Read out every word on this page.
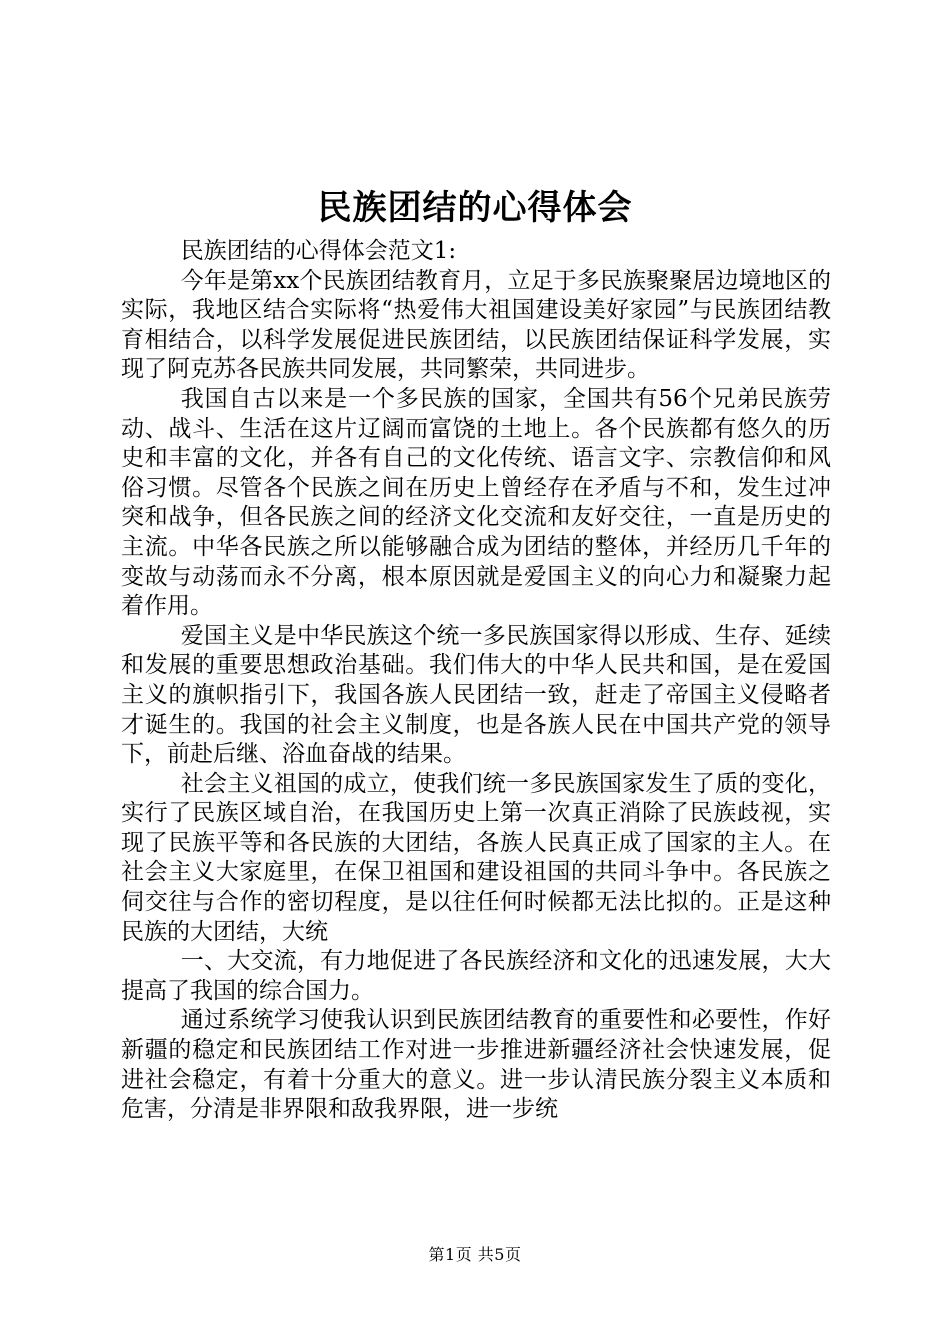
民族团结的心得体会

民族团结的心得体会范文1:

今年是第xx个民族团结教育月，立足于多民族聚聚居边境地区的实际，我地区结合实际将“热爱伟大祖国建设美好家园”与民族团结教育相结合，以科学发展促进民族团结，以民族团结保证科学发展，实现了阿克苏各民族共同发展，共同繁荣，共同进步。

我国自古以来是一个多民族的国家，全国共有56个兄弟民族劳动、战斗、生活在这片辽阔而富饶的土地上。各个民族都有悠久的历史和丰富的文化，并各有自己的文化传统、语言文字、宗教信仰和风俗习惯。尽管各个民族之间在历史上曾经存在矛盾与不和，发生过冲突和战争，但各民族之间的经济文化交流和友好交往，一直是历史的主流。中华各民族之所以能够融合成为团结的整体，并经历几千年的变故与动荡而永不分离，根本原因就是爱国主义的向心力和凝聚力起着作用。

爱国主义是中华民族这个统一多民族国家得以形成、生存、延续和发展的重要思想政治基础。我们伟大的中华人民共和国，是在爱国主义的旗帜指引下，我国各族人民团结一致，赶走了帝国主义侵略者才诞生的。我国的社会主义制度，也是各族人民在中国共产党的领导下，前赴后继、浴血奋战的结果。

社会主义祖国的成立，使我们统一多民族国家发生了质的变化，实行了民族区域自治，在我国历史上第一次真正消除了民族歧视，实现了民族平等和各民族的大团结，各族人民真正成了国家的主人。在社会主义大家庭里，在保卫祖国和建设祖国的共同斗争中。各民族之伺交往与合作的密切程度，是以往任何时候都无法比拟的。正是这种民族的大团结，大统

一、大交流，有力地促进了各民族经济和文化的迅速发展，大大提高了我国的综合国力。

通过系统学习使我认识到民族团结教育的重要性和必要性，作好新疆的稳定和民族团结工作对进一步推进新疆经济社会快速发展，促进社会稳定，有着十分重大的意义。进一步认清民族分裂主义本质和危害，分清是非界限和敌我界限，进一步统

第1页 共5页
